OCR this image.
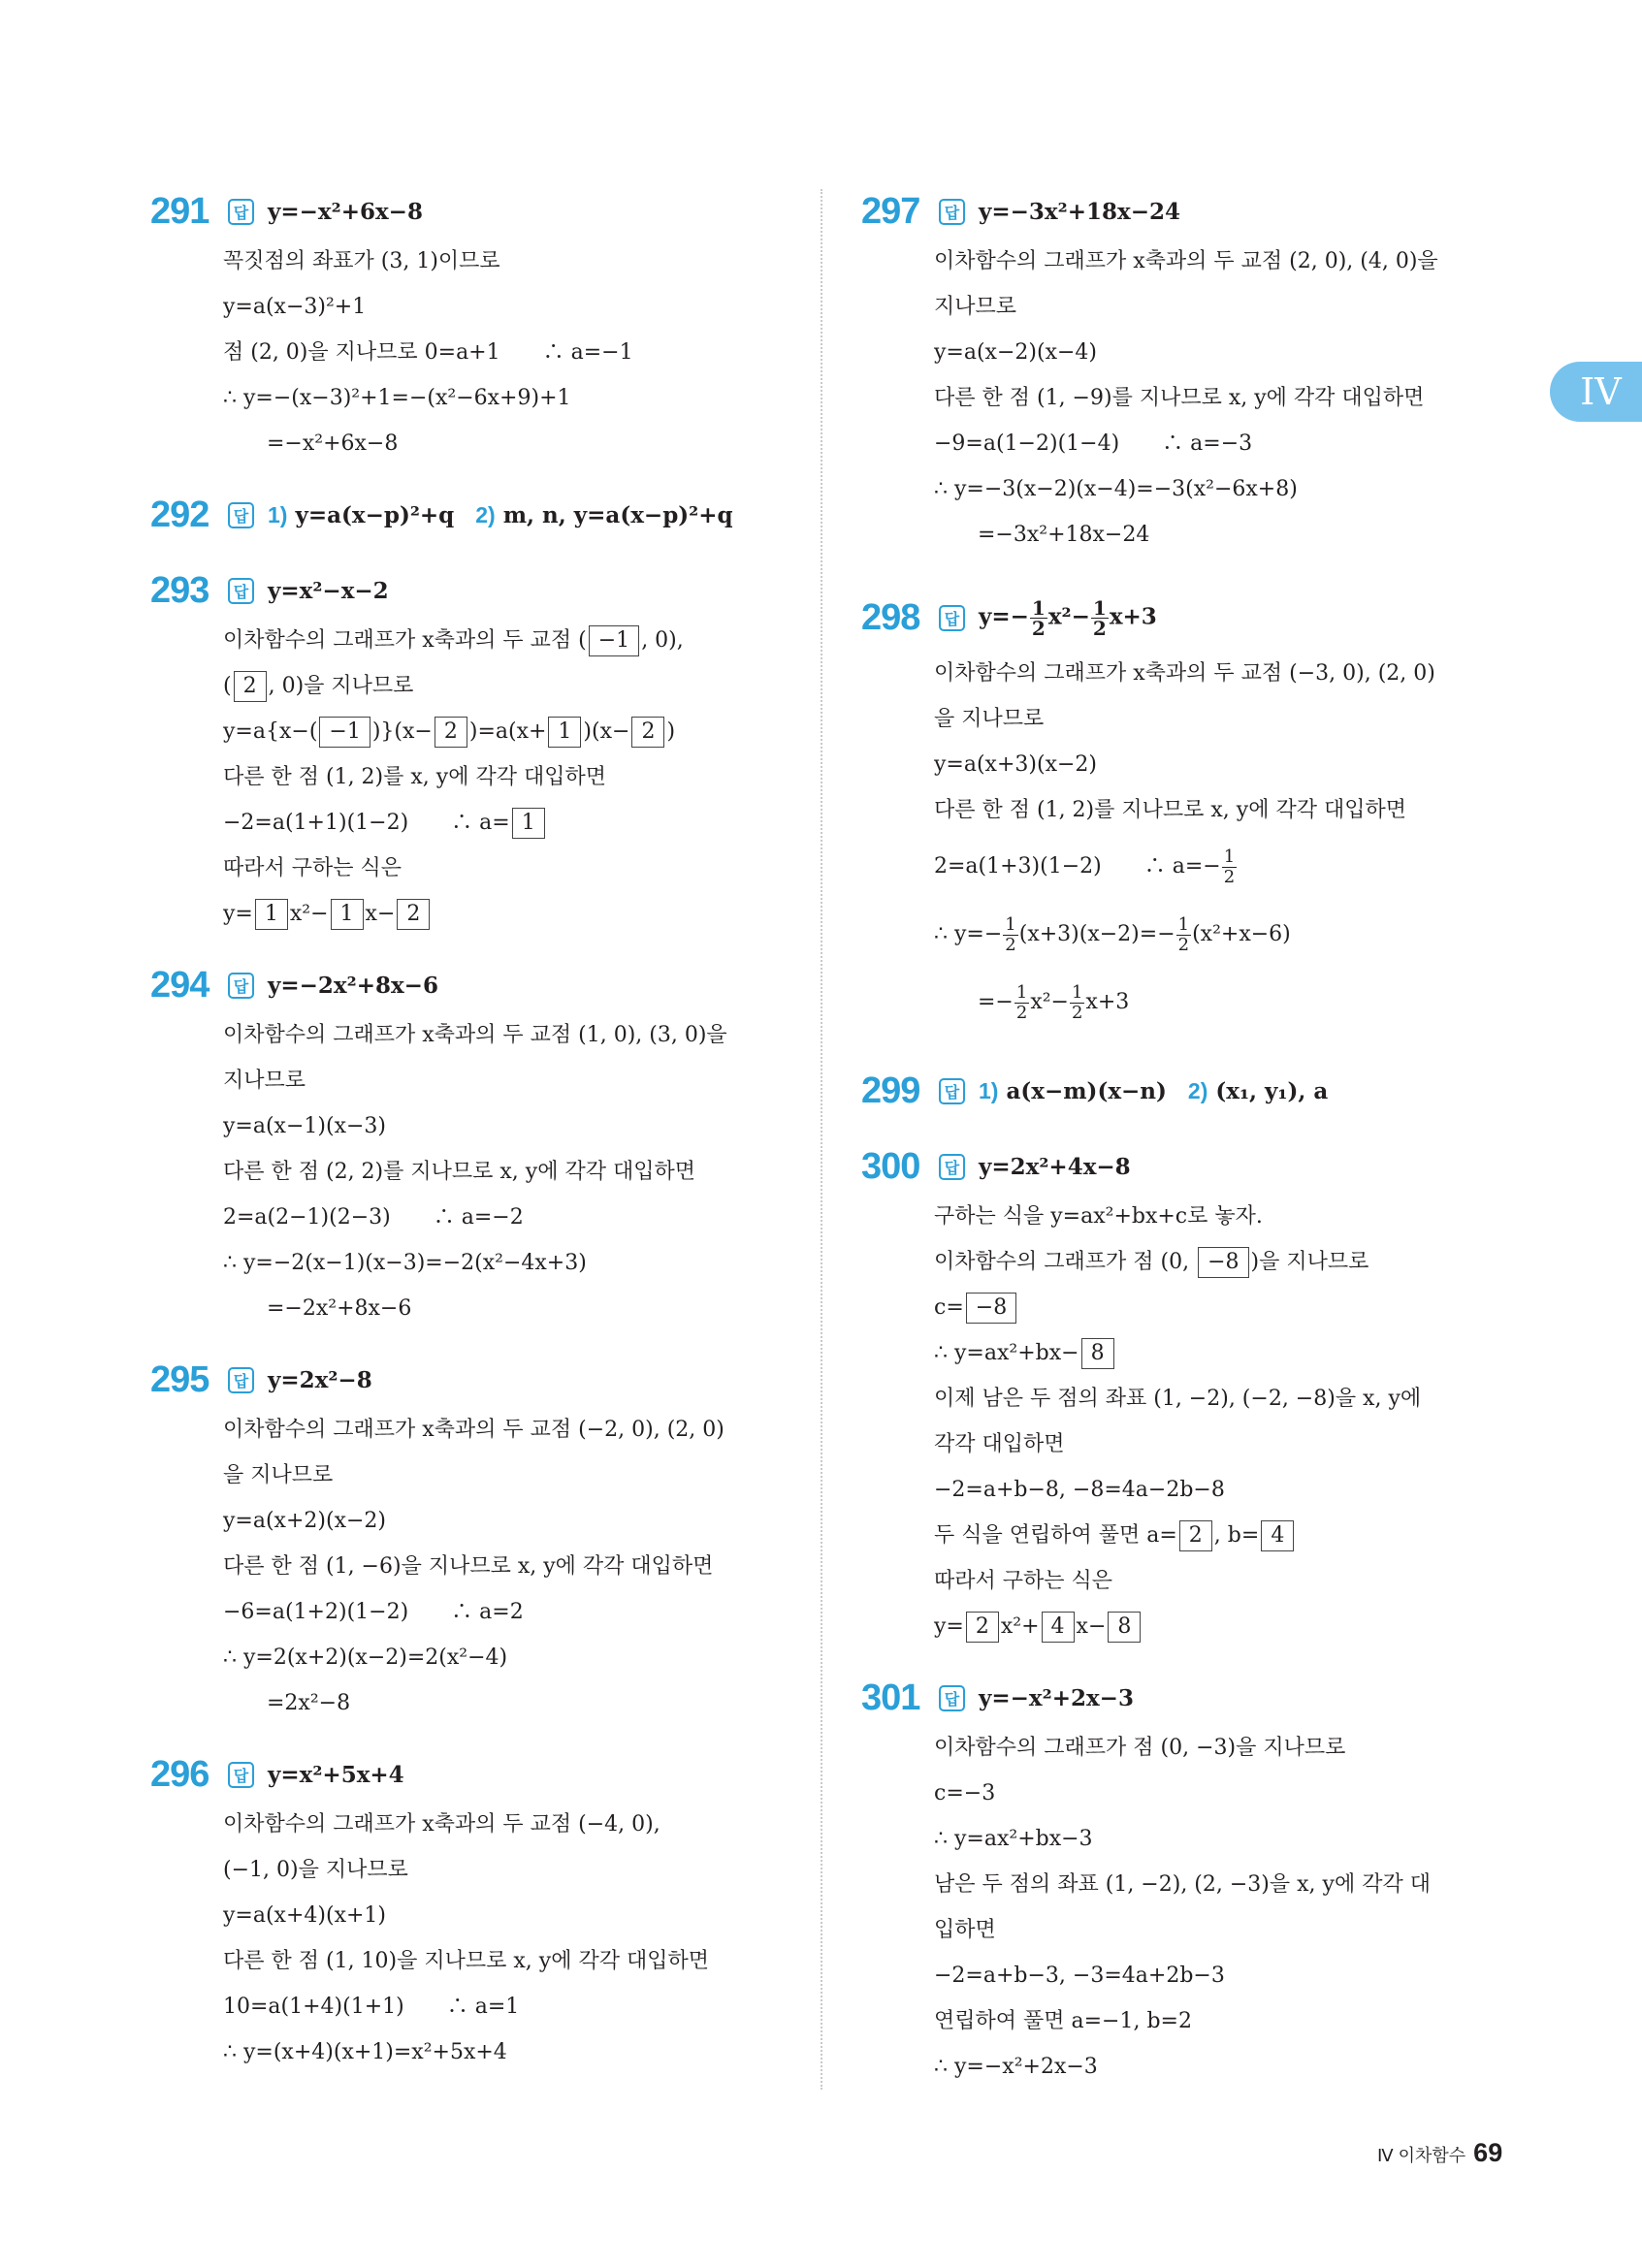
291	답 y=−x²+6x−8
꼭짓점의 좌표가 (3, 1)이므로
y=a(x−3)²+1
점 (2, 0)을 지나므로 0=a+1　　∴ a=−1
∴ y=−(x−3)²+1=−(x²−6x+9)+1
=−x²+6x−8
292	답 1) y=a(x−p)²+q 2) m, n, y=a(x−p)²+q
293	답 y=x²−x−2
이차함수의 그래프가 x축과의 두 교점 ( −1 , 0),
( 2 , 0)을 지나므로
y=a{x−( −1 )}(x− 2 )=a(x+ 1 )(x− 2 )
다른 한 점 (1, 2)를 x, y에 각각 대입하면
−2=a(1+1)(1−2)　　∴ a= 1
따라서 구하는 식은
y= 1 x²− 1 x− 2
294	답 y=−2x²+8x−6
이차함수의 그래프가 x축과의 두 교점 (1, 0), (3, 0)을
지나므로
y=a(x−1)(x−3)
다른 한 점 (2, 2)를 지나므로 x, y에 각각 대입하면
2=a(2−1)(2−3)　　∴ a=−2
∴ y=−2(x−1)(x−3)=−2(x²−4x+3)
=−2x²+8x−6
295	답 y=2x²−8
이차함수의 그래프가 x축과의 두 교점 (−2, 0), (2, 0)
을 지나므로
y=a(x+2)(x−2)
다른 한 점 (1, −6)을 지나므로 x, y에 각각 대입하면
−6=a(1+2)(1−2)　　∴ a=2
∴ y=2(x+2)(x−2)=2(x²−4)
=2x²−8
296	답 y=x²+5x+4
이차함수의 그래프가 x축과의 두 교점 (−4, 0),
(−1, 0)을 지나므로
y=a(x+4)(x+1)
다른 한 점 (1, 10)을 지나므로 x, y에 각각 대입하면
10=a(1+4)(1+1)　　∴ a=1
∴ y=(x+4)(x+1)=x²+5x+4
297	답 y=−3x²+18x−24
이차함수의 그래프가 x축과의 두 교점 (2, 0), (4, 0)을
지나므로
y=a(x−2)(x−4)
다른 한 점 (1, −9)를 지나므로 x, y에 각각 대입하면
−9=a(1−2)(1−4)　　∴ a=−3
∴ y=−3(x−2)(x−4)=−3(x²−6x+8)
=−3x²+18x−24
298	답 $y=- \frac{1}{2} x^2- \frac{1}{2} x+3$
이차함수의 그래프가 x축과의 두 교점 (−3, 0), (2, 0)
을 지나므로
y=a(x+3)(x−2)
다른 한 점 (1, 2)를 지나므로 x, y에 각각 대입하면
2=a(1+3)(1−2)　　∴ $a=- \frac{1}{2}$
∴ $y=- \frac{1}{2} (x+3)(x-2)=- \frac{1}{2} (x^2+x-6)$
=− $\frac{1}{2} x^2- \frac{1}{2} x+3$
299	답 1) a(x−m)(x−n) 2) (x₁, y₁), a
300	답 y=2x²+4x−8
구하는 식을 y=ax²+bx+c로 놓자.
이차함수의 그래프가 점 (0, −8 )을 지나므로
c= −8
∴ y=ax²+bx− 8
이제 남은 두 점의 좌표 (1, −2), (−2, −8)을 x, y에
각각 대입하면
−2=a+b−8, −8=4a−2b−8
두 식을 연립하여 풀면 a= 2 , b= 4
따라서 구하는 식은
y= 2 x²+ 4 x− 8
301	답 y=−x²+2x−3
이차함수의 그래프가 점 (0, −3)을 지나므로
c=−3
∴ y=ax²+bx−3
남은 두 점의 좌표 (1, −2), (2, −3)을 x, y에 각각 대
입하면
−2=a+b−3, −3=4a+2b−3
연립하여 풀면 a=−1, b=2
∴ y=−x²+2x−3
IV
Ⅳ 이차함수 69
